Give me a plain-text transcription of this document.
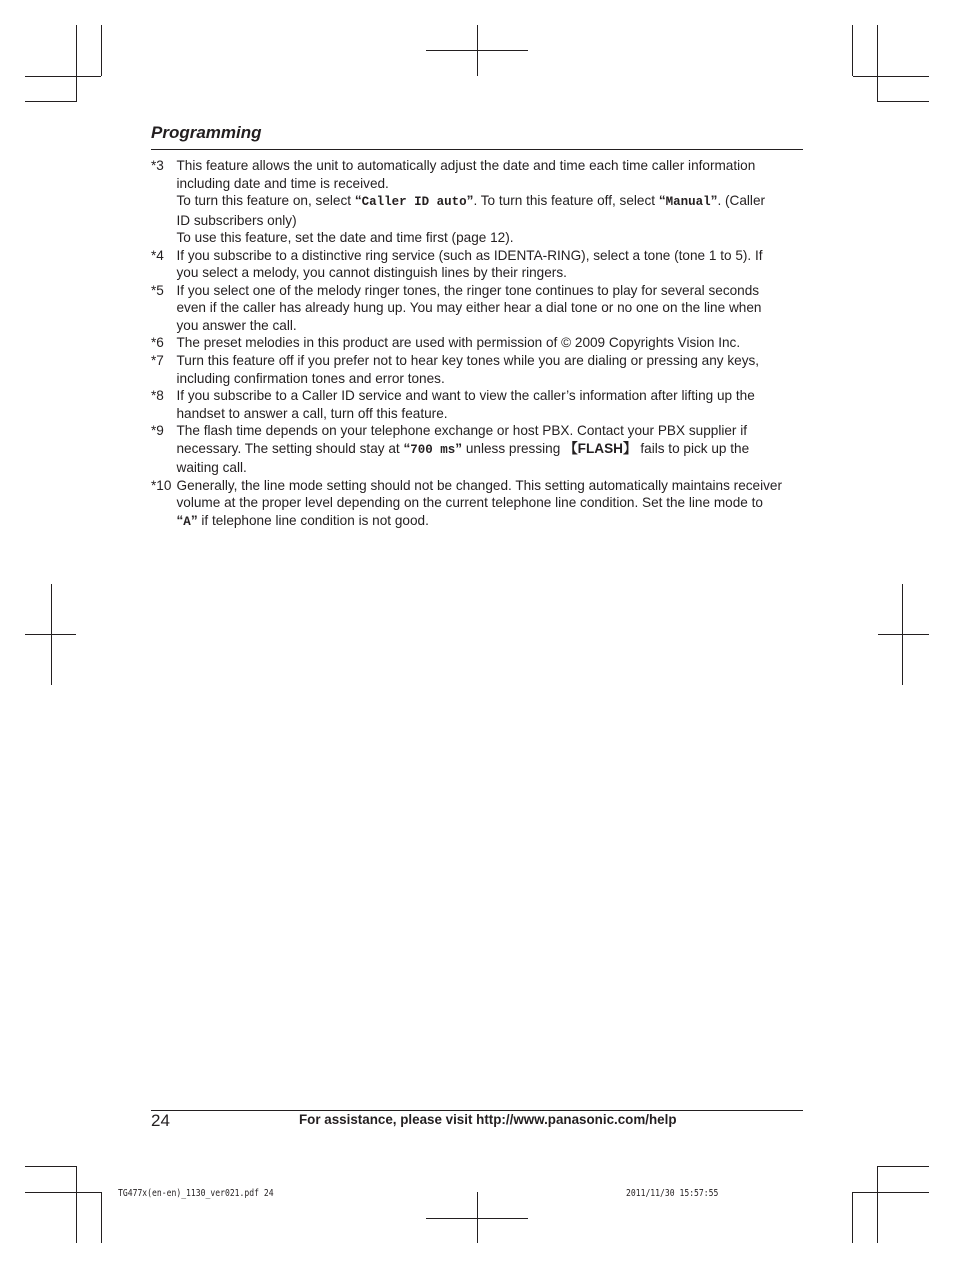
Programming
*3 This feature allows the unit to automatically adjust the date and time each time caller information
including date and time is received.
To turn this feature on, select “Caller ID auto”. To turn this feature off, select “Manual”. (Caller
ID subscribers only)
To use this feature, set the date and time first (page 12).
*4 If you subscribe to a distinctive ring service (such as IDENTA-RING), select a tone (tone 1 to 5). If
you select a melody, you cannot distinguish lines by their ringers.
*5 If you select one of the melody ringer tones, the ringer tone continues to play for several seconds
even if the caller has already hung up. You may either hear a dial tone or no one on the line when
you answer the call.
*6 The preset melodies in this product are used with permission of © 2009 Copyrights Vision Inc.
*7 Turn this feature off if you prefer not to hear key tones while you are dialing or pressing any keys,
including confirmation tones and error tones.
*8 If you subscribe to a Caller ID service and want to view the caller’s information after lifting up the
handset to answer a call, turn off this feature.
*9 The flash time depends on your telephone exchange or host PBX. Contact your PBX supplier if
necessary. The setting should stay at “700 ms” unless pressing 【FLASH】 fails to pick up the
waiting call.
*10 Generally, the line mode setting should not be changed. This setting automatically maintains receiver
volume at the proper level depending on the current telephone line condition. Set the line mode to
“A” if telephone line condition is not good.
24	For assistance, please visit http://www.panasonic.com/help
TG477x(en-en)_1130_ver021.pdf 24	2011/11/30 15:57:55
